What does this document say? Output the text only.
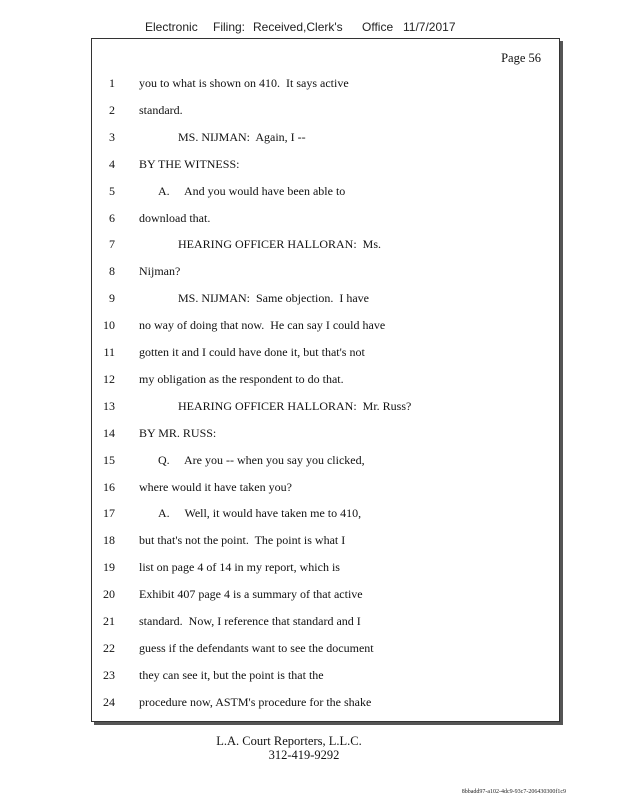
Electronic Filing: Received,Clerk's Office 11/7/2017
Page 56
1 you to what is shown on 410.  It says active
2 standard.
3	MS. NIJMAN:  Again, I --
4 BY THE WITNESS:
5	A.     And you would have been able to
6 download that.
7	HEARING OFFICER HALLORAN:  Ms.
8 Nijman?
9	MS. NIJMAN:  Same objection.  I have
10 no way of doing that now.  He can say I could have
11 gotten it and I could have done it, but that's not
12 my obligation as the respondent to do that.
13	HEARING OFFICER HALLORAN:  Mr. Russ?
14 BY MR. RUSS:
15	Q.     Are you -- when you say you clicked,
16 where would it have taken you?
17	A.     Well, it would have taken me to 410,
18 but that's not the point.  The point is what I
19 list on page 4 of 14 in my report, which is
20 Exhibit 407 page 4 is a summary of that active
21 standard.  Now, I reference that standard and I
22 guess if the defendants want to see the document
23 they can see it, but the point is that the
24 procedure now, ASTM's procedure for the shake
L.A. Court Reporters, L.L.C.
312-419-9292
8bbadd97-a102-4dc9-93c7-206430300f1c9
